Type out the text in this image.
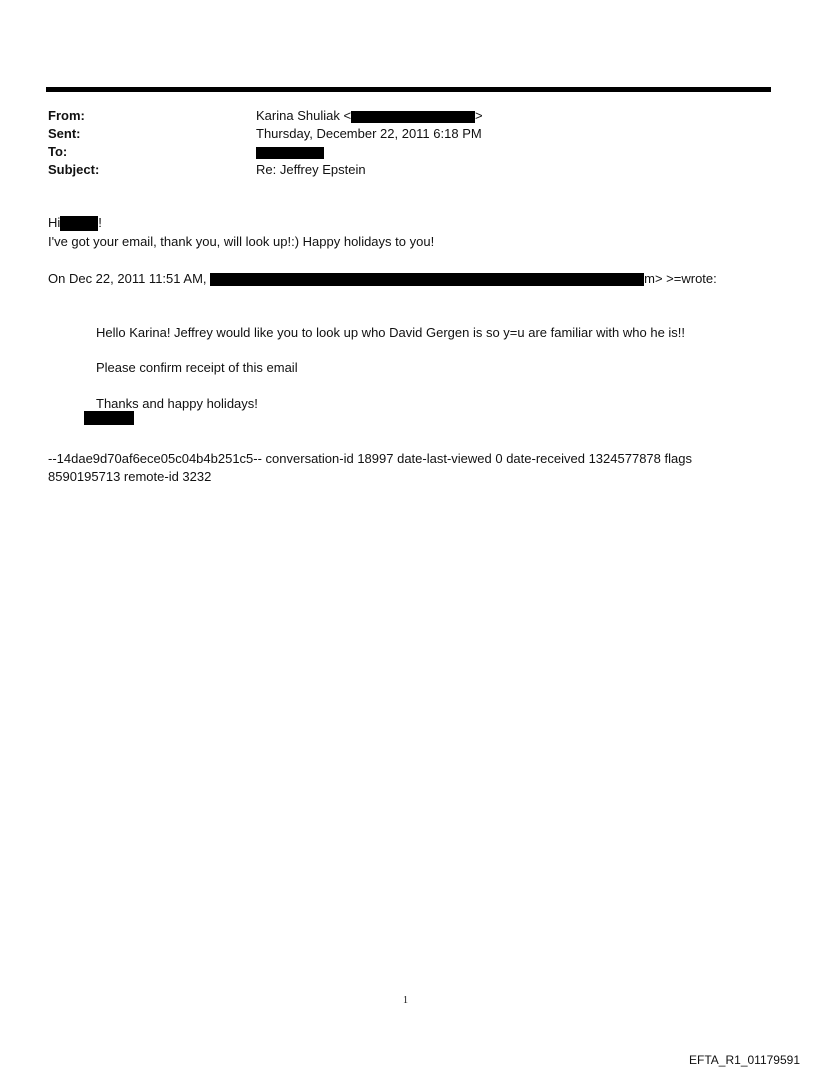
From:	Karina Shuliak <	>
Sent:	Thursday, December 22, 2011 6:18 PM
To:
Subject:	Re: Jeffrey Epstein
Hi	!
I've got your email, thank you, will look up!:) Happy holidays to you!
On Dec 22, 2011 11:51 AM,	m> >=wrote:
Hello Karina! Jeffrey would like you to look up who David Gergen is so y=u are familiar with who he is!!
Please confirm receipt of this email
Thanks and happy holidays!
--14dae9d70af6ece05c04b4b251c5-- conversation-id 18997 date-last-viewed 0 date-received 1324577878 flags
8590195713 remote-id 3232
1
EFTA_R1_01179591
